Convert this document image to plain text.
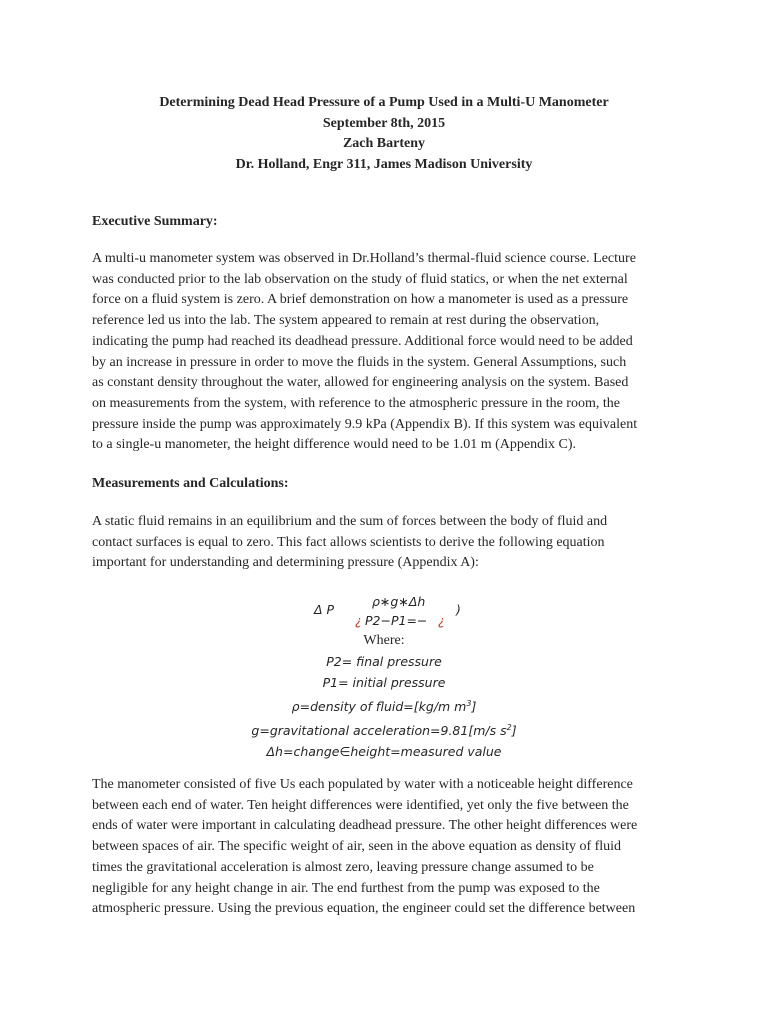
Determining Dead Head Pressure of a Pump Used in a Multi-U Manometer
September 8th, 2015
Zach Barteny
Dr. Holland, Engr 311, James Madison University
Executive Summary:
A multi-u manometer system was observed in Dr.Holland’s thermal-fluid science course. Lecture
was conducted prior to the lab observation on the study of fluid statics, or when the net external
force on a fluid system is zero. A brief demonstration on how a manometer is used as a pressure
reference led us into the lab. The system appeared to remain at rest during the observation,
indicating the pump had reached its deadhead pressure. Additional force would need to be added
by an increase in pressure in order to move the fluids in the system. General Assumptions, such
as constant density throughout the water, allowed for engineering analysis on the system. Based
on measurements from the system, with reference to the atmospheric pressure in the room, the
pressure inside the pump was approximately 9.9 kPa (Appendix B). If this system was equivalent
to a single-u manometer, the height difference would need to be 1.01 m (Appendix C).
Measurements and Calculations:
A static fluid remains in an equilibrium and the sum of forces between the body of fluid and
contact surfaces is equal to zero. This fact allows scientists to derive the following equation
important for understanding and determining pressure (Appendix A):
Δ P
ρ∗g∗Δh
¿ P2−P1=− ¿
)
Where:
P2= final pressure
P1= initial pressure
ρ=density of fluid=[kg/m $m^3$]
g=gravitational acceleration=9.81[m/s $s^2$]
Δh=change∈height=measured value
The manometer consisted of five Us each populated by water with a noticeable height difference
between each end of water. Ten height differences were identified, yet only the five between the
ends of water were important in calculating deadhead pressure. The other height differences were
between spaces of air. The specific weight of air, seen in the above equation as density of fluid
times the gravitational acceleration is almost zero, leaving pressure change assumed to be
negligible for any height change in air. The end furthest from the pump was exposed to the
atmospheric pressure. Using the previous equation, the engineer could set the difference between
